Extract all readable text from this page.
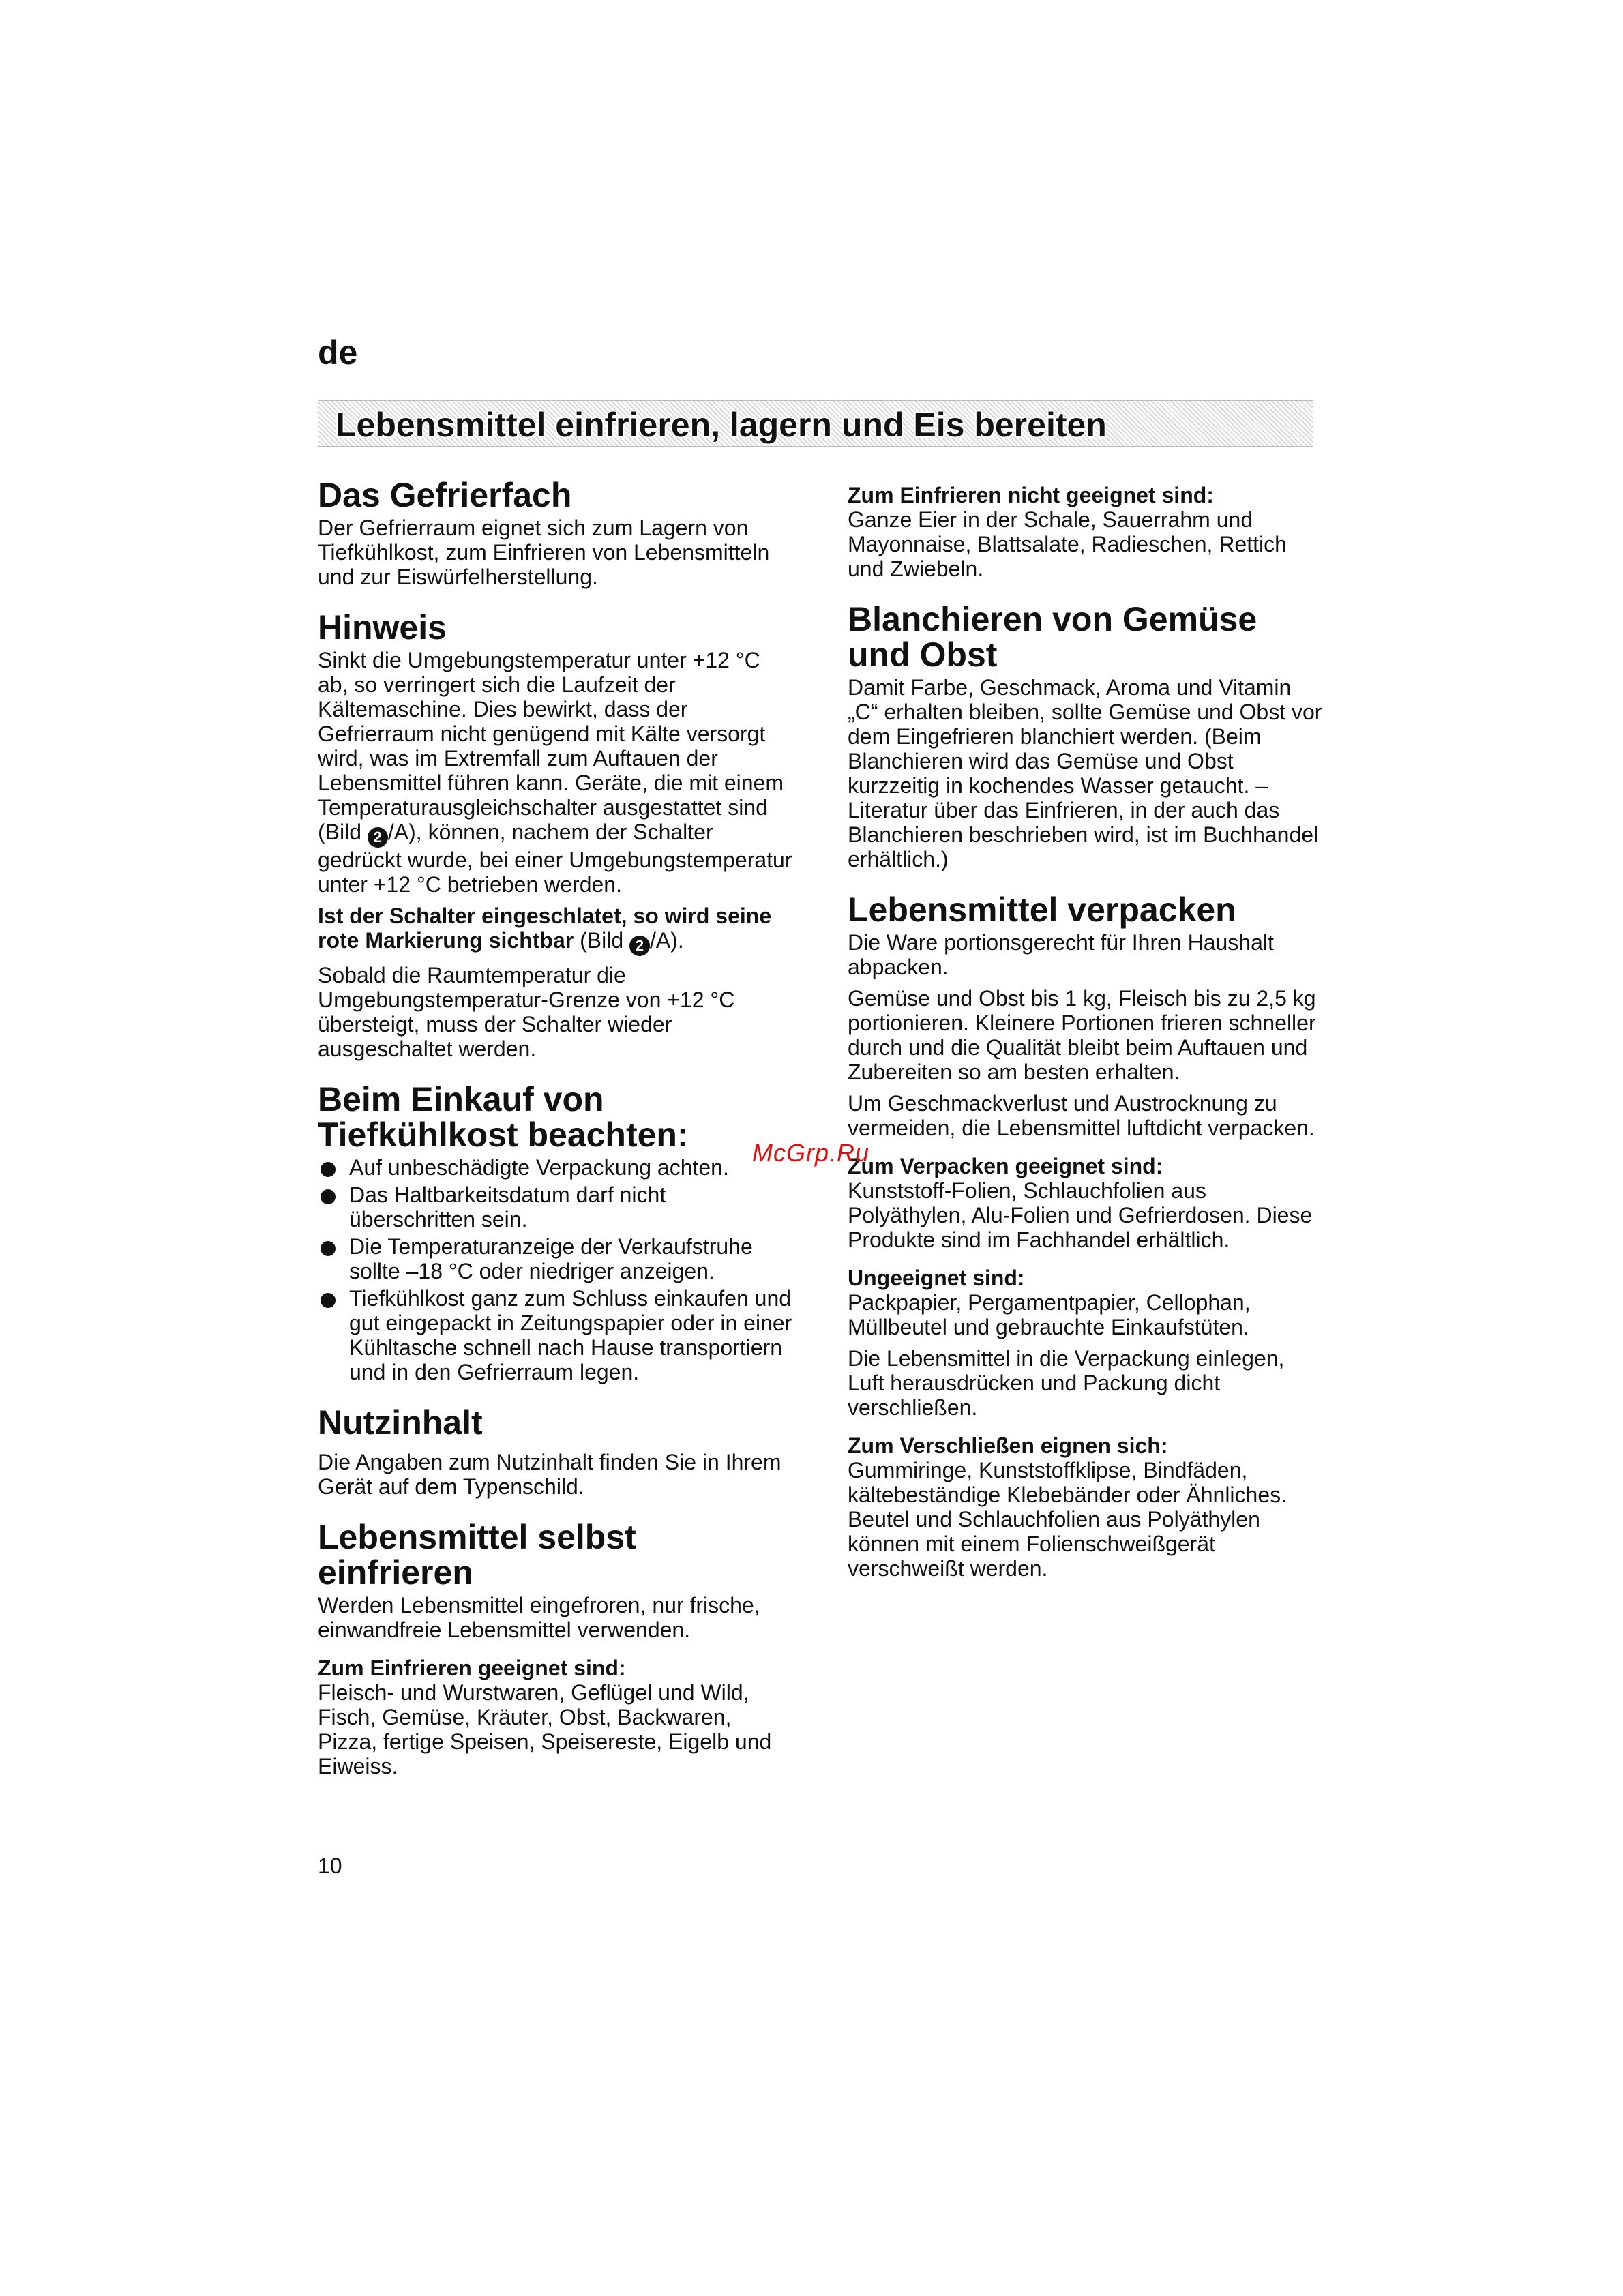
de
Lebensmittel einfrieren, lagern und Eis bereiten
Das Gefrierfach

Der Gefrierraum eignet sich zum Lagern von Tiefkühlkost, zum Einfrieren von Lebensmitteln und zur Eiswürfelherstellung.

Hinweis

Sinkt die Umgebungstemperatur unter +12 °C ab, so verringert sich die Laufzeit der Kältemaschine. Dies bewirkt, dass der Gefrierraum nicht genügend mit Kälte versorgt wird, was im Extremfall zum Auftauen der Lebensmittel führen kann. Geräte, die mit einem Temperaturausgleichschalter ausgestattet sind (Bild 2 /A), können, nachem der Schalter gedrückt wurde, bei einer Umgebungstemperatur unter +12 °C betrieben werden.

Ist der Schalter eingeschlatet, so wird seine rote Markierung sichtbar (Bild 2 /A).

Sobald die Raumtemperatur die Umgebungstemperatur-Grenze von +12 °C übersteigt, muss der Schalter wieder ausgeschaltet werden.

Beim Einkauf von Tiefkühlkost beachten:
Auf unbeschädigte Verpackung achten.
Das Haltbarkeitsdatum darf nicht überschritten sein.
Die Temperaturanzeige der Verkaufstruhe sollte –18 °C oder niedriger anzeigen.
Tiefkühlkost ganz zum Schluss einkaufen und gut eingepackt in Zeitungspapier oder in einer Kühltasche schnell nach Hause transportiern und in den Gefrierraum legen.
Nutzinhalt

Die Angaben zum Nutzinhalt finden Sie in Ihrem Gerät auf dem Typenschild.

Lebensmittel selbst einfrieren

Werden Lebensmittel eingefroren, nur frische, einwandfreie Lebensmittel verwenden.

Zum Einfrieren geeignet sind:

Fleisch- und Wurstwaren, Geflügel und Wild, Fisch, Gemüse, Kräuter, Obst, Backwaren, Pizza, fertige Speisen, Speisereste, Eigelb und Eiweiss.

Zum Einfrieren nicht geeignet sind:

Ganze Eier in der Schale, Sauerrahm und Mayonnaise, Blattsalate, Radieschen, Rettich und Zwiebeln.

Blanchieren von Gemüse und Obst

Damit Farbe, Geschmack, Aroma und Vitamin „C“ erhalten bleiben, sollte Gemüse und Obst vor dem Eingefrieren blanchiert werden. (Beim Blanchieren wird das Gemüse und Obst kurzzeitig in kochendes Wasser getaucht. – Literatur über das Einfrieren, in der auch das Blanchieren beschrieben wird, ist im Buchhandel erhältlich.)

Lebensmittel verpacken

Die Ware portionsgerecht für Ihren Haushalt abpacken.

Gemüse und Obst bis 1 kg, Fleisch bis zu 2,5 kg portionieren. Kleinere Portionen frieren schneller durch und die Qualität bleibt beim Auftauen und Zubereiten so am besten erhalten.

Um Geschmackverlust und Austrocknung zu vermeiden, die Lebensmittel luftdicht verpacken.

Zum Verpacken geeignet sind:

Kunststoff-Folien, Schlauchfolien aus Polyäthylen, Alu-Folien und Gefrierdosen. Diese Produkte sind im Fachhandel erhältlich.

Ungeeignet sind:

Packpapier, Pergamentpapier, Cellophan, Müllbeutel und gebrauchte Einkaufstüten.

Die Lebensmittel in die Verpackung einlegen, Luft herausdrücken und Packung dicht verschließen.

Zum Verschließen eignen sich:

Gummiringe, Kunststoffklipse, Bindfäden, kältebeständige Klebebänder oder Ähnliches. Beutel und Schlauchfolien aus Polyäthylen können mit einem Folienschweißgerät verschweißt werden.

McGrp.Ru
10
